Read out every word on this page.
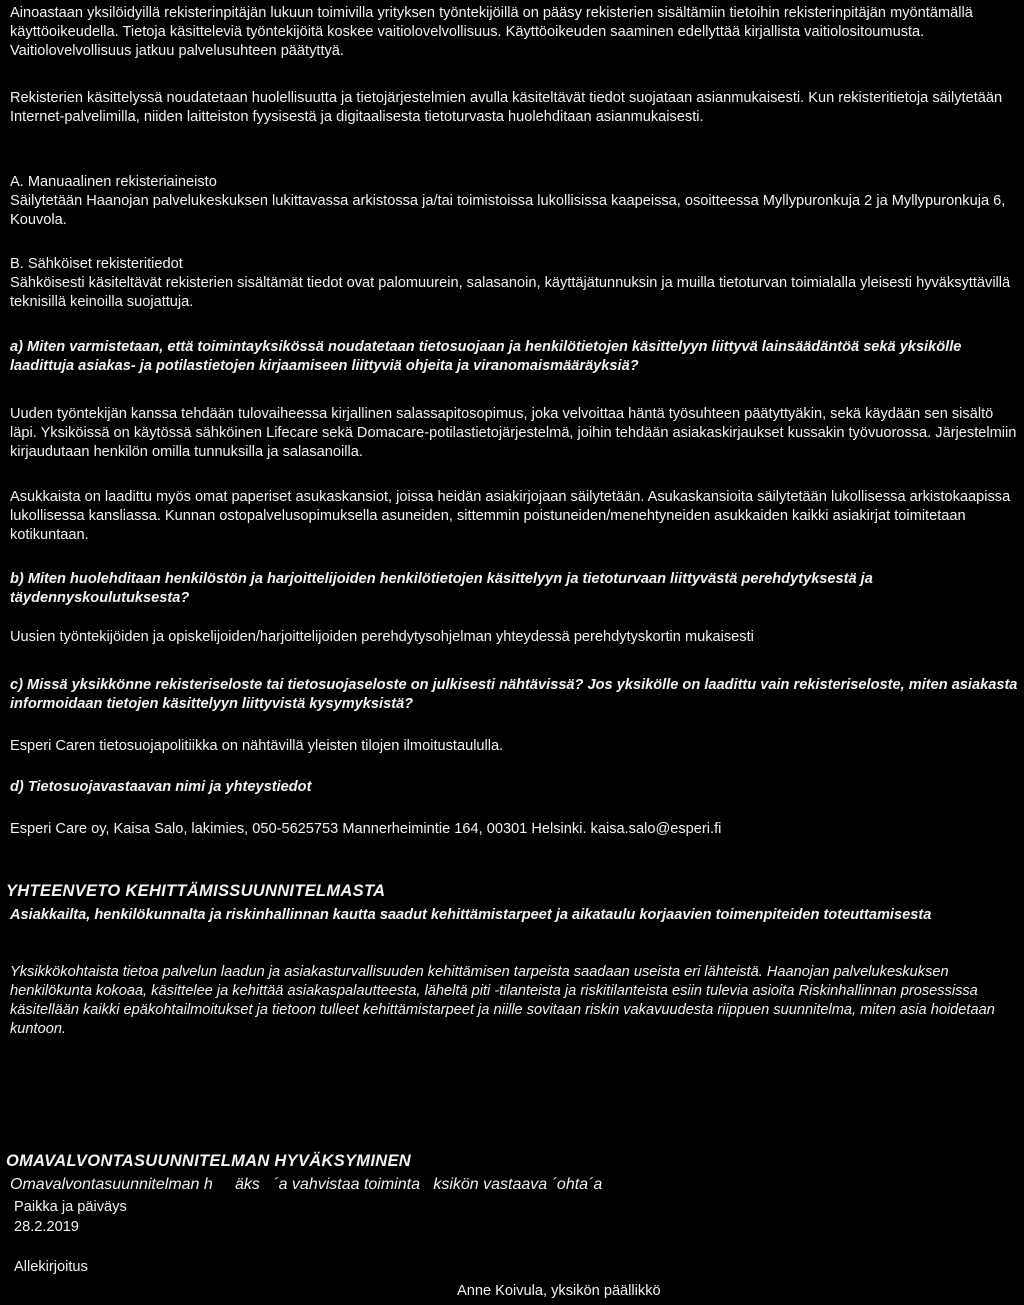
Ainoastaan yksilöidyillä rekisterinpitäjän lukuun toimivilla yrityksen työntekijöillä on pääsy rekisterien sisältämiin tietoihin rekisterinpitäjän myöntämällä käyttöoikeudella. Tietoja käsitteleviä työntekijöitä koskee vaitiolovelvollisuus. Käyttöoikeuden saaminen edellyttää kirjallista vaitiolositoumusta. Vaitiolovelvollisuus jatkuu palvelusuhteen päätyttyä.

Rekisterien käsittelyssä noudatetaan huolellisuutta ja tietojärjestelmien avulla käsiteltävät tiedot suojataan asianmukaisesti. Kun rekisteritietoja säilytetään Internet-palvelimilla, niiden laitteiston fyysisestä ja digitaalisesta tietoturvasta huolehditaan asianmukaisesti.

A. Manuaalinen rekisteriaineisto

Säilytetään Haanojan palvelukeskuksen lukittavassa arkistossa ja/tai toimistoissa lukollisissa kaapeissa, osoitteessa Myllypuronkuja 2 ja Myllypuronkuja 6, Kouvola.

B. Sähköiset rekisteritiedot

Sähköisesti käsiteltävät rekisterien sisältämät tiedot ovat palomuurein, salasanoin, käyttäjätunnuksin ja muilla tietoturvan toimialalla yleisesti hyväksyttävillä teknisillä keinoilla suojattuja.

a) Miten varmistetaan, että toimintayksikössä noudatetaan tietosuojaan ja henkilötietojen käsittelyyn liittyvä lainsäädäntöä sekä yksikölle laadittuja asiakas- ja potilastietojen kirjaamiseen liittyviä ohjeita ja viranomaismääräyksiä?

Uuden työntekijän kanssa tehdään tulovaiheessa kirjallinen salassapitosopimus, joka velvoittaa häntä työsuhteen päätyttyäkin, sekä käydään sen sisältö läpi. Yksiköissä on käytössä sähköinen Lifecare sekä Domacare-potilastietojärjestelmä, joihin tehdään asiakaskirjaukset kussakin työvuorossa. Järjestelmiin kirjaudutaan henkilön omilla tunnuksilla ja salasanoilla.

Asukkaista on laadittu myös omat paperiset asukaskansiot, joissa heidän asiakirjojaan säilytetään. Asukaskansioita säilytetään lukollisessa arkistokaapissa lukollisessa kansliassa. Kunnan ostopalvelusopimuksella asuneiden, sittemmin poistuneiden/menehtyneiden asukkaiden kaikki asiakirjat toimitetaan kotikuntaan.

b) Miten huolehditaan henkilöstön ja harjoittelijoiden henkilötietojen käsittelyyn ja tietoturvaan liittyvästä perehdytyksestä ja täydennyskoulutuksesta?

Uusien työntekijöiden ja opiskelijoiden/harjoittelijoiden perehdytysohjelman yhteydessä perehdytyskortin mukaisesti

c) Missä yksikkönne rekisteriseloste tai tietosuojaseloste on julkisesti nähtävissä? Jos yksikölle on laadittu vain rekisteriseloste, miten asiakasta informoidaan tietojen käsittelyyn liittyvistä kysymyksistä?

Esperi Caren tietosuojapolitiikka on nähtävillä yleisten tilojen ilmoitustaululla.

d) Tietosuojavastaavan nimi ja yhteystiedot

Esperi Care oy, Kaisa Salo, lakimies, 050-5625753 Mannerheimintie 164, 00301 Helsinki. kaisa.salo@esperi.fi

YHTEENVETO KEHITTÄMISSUUNNITELMASTA

Asiakkailta, henkilökunnalta ja riskinhallinnan kautta saadut kehittämistarpeet ja aikataulu korjaavien toimenpiteiden toteuttamisesta

Yksikkökohtaista tietoa palvelun laadun ja asiakasturvallisuuden kehittämisen tarpeista saadaan useista eri lähteistä. Haanojan palvelukeskuksen henkilökunta kokoaa, käsittelee ja kehittää asiakaspalautteesta, läheltä piti -tilanteista ja riskitilanteista esiin tulevia asioita Riskinhallinnan prosessissa käsitellään kaikki epäkohtailmoitukset ja tietoon tulleet kehittämistarpeet ja niille sovitaan riskin vakavuudesta riippuen suunnitelma, miten asia hoidetaan kuntoon.

OMAVALVONTASUUNNITELMAN HYVÄKSYMINEN

Omavalvontasuunnitelman h     äks   ´a vahvistaa toiminta   ksikön vastaava ´ohta´a

Paikka ja päiväys

28.2.2019

Allekirjoitus

Anne Koivula, yksikön päällikkö
